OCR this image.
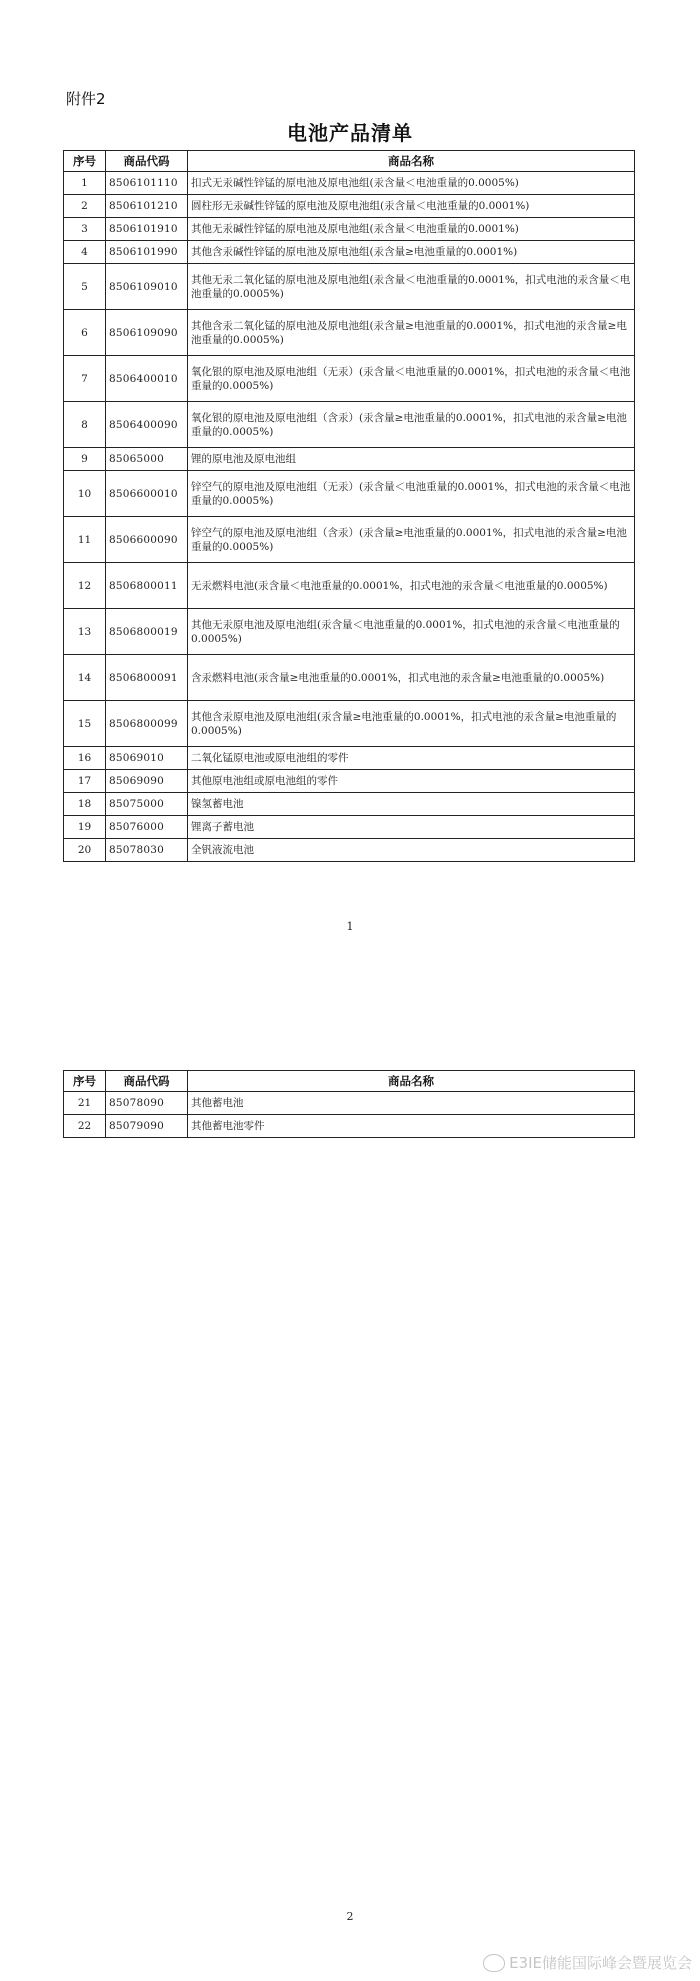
附件2
电池产品清单
序号	商品代码	商品名称
1	8506101110	扣式无汞碱性锌锰的原电池及原电池组(汞含量＜电池重量的0.0005%)
2	8506101210	圆柱形无汞碱性锌锰的原电池及原电池组(汞含量＜电池重量的0.0001%)
3	8506101910	其他无汞碱性锌锰的原电池及原电池组(汞含量＜电池重量的0.0001%)
4	8506101990	其他含汞碱性锌锰的原电池及原电池组(汞含量≥电池重量的0.0001%)
5	8506109010	其他无汞二氧化锰的原电池及原电池组(汞含量＜电池重量的0.0001%，扣式电池的汞含量＜电池重量的0.0005%)
6	8506109090	其他含汞二氧化锰的原电池及原电池组(汞含量≥电池重量的0.0001%，扣式电池的汞含量≥电池重量的0.0005%)
7	8506400010	氧化银的原电池及原电池组（无汞）(汞含量＜电池重量的0.0001%，扣式电池的汞含量＜电池重量的0.0005%)
8	8506400090	氧化银的原电池及原电池组（含汞）(汞含量≥电池重量的0.0001%，扣式电池的汞含量≥电池重量的0.0005%)
9	85065000	锂的原电池及原电池组
10	8506600010	锌空气的原电池及原电池组（无汞）(汞含量＜电池重量的0.0001%，扣式电池的汞含量＜电池重量的0.0005%)
11	8506600090	锌空气的原电池及原电池组（含汞）(汞含量≥电池重量的0.0001%，扣式电池的汞含量≥电池重量的0.0005%)
12	8506800011	无汞燃料电池(汞含量＜电池重量的0.0001%，扣式电池的汞含量＜电池重量的0.0005%)
13	8506800019	其他无汞原电池及原电池组(汞含量＜电池重量的0.0001%，扣式电池的汞含量＜电池重量的0.0005%)
14	8506800091	含汞燃料电池(汞含量≥电池重量的0.0001%，扣式电池的汞含量≥电池重量的0.0005%)
15	8506800099	其他含汞原电池及原电池组(汞含量≥电池重量的0.0001%，扣式电池的汞含量≥电池重量的0.0005%)
16	85069010	二氧化锰原电池或原电池组的零件
17	85069090	其他原电池组或原电池组的零件
18	85075000	镍氢蓄电池
19	85076000	锂离子蓄电池
20	85078030	全钒液流电池
1
序号	商品代码	商品名称
21	85078090	其他蓄电池
22	85079090	其他蓄电池零件
2
E3IE储能国际峰会暨展览会
